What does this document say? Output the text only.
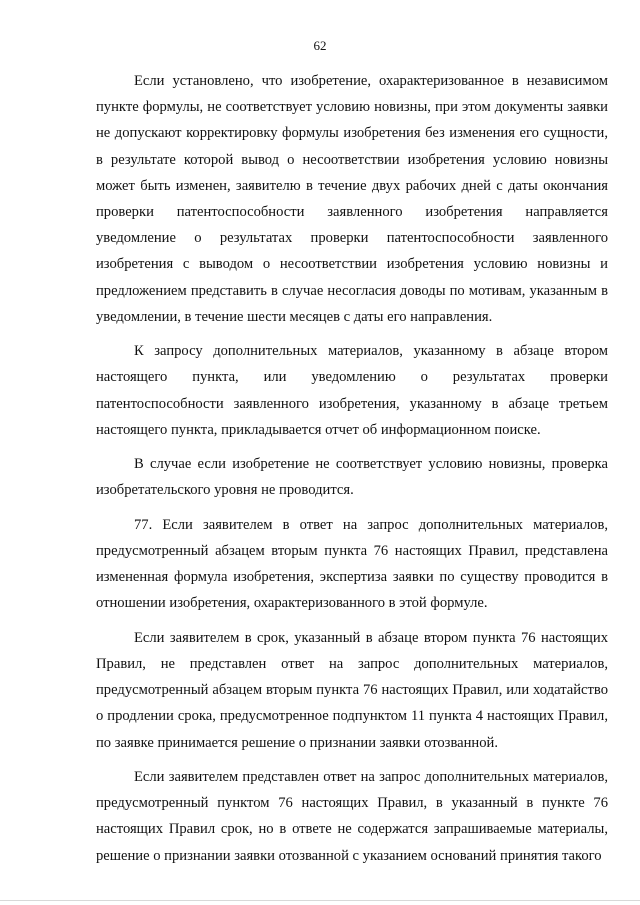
62

Если установлено, что изобретение, охарактеризованное в независимом пункте формулы, не соответствует условию новизны, при этом документы заявки не допускают корректировку формулы изобретения без изменения его сущности, в результате которой вывод о несоответствии изобретения условию новизны может быть изменен, заявителю в течение двух рабочих дней с даты окончания проверки патентоспособности заявленного изобретения направляется уведомление о результатах проверки патентоспособности заявленного изобретения с выводом о несоответствии изобретения условию новизны и предложением представить в случае несогласия доводы по мотивам, указанным в уведомлении, в течение шести месяцев с даты его направления.

К запросу дополнительных материалов, указанному в абзаце втором настоящего пункта, или уведомлению о результатах проверки патентоспособности заявленного изобретения, указанному в абзаце третьем настоящего пункта, прикладывается отчет об информационном поиске.

В случае если изобретение не соответствует условию новизны, проверка изобретательского уровня не проводится.

77. Если заявителем в ответ на запрос дополнительных материалов, предусмотренный абзацем вторым пункта 76 настоящих Правил, представлена измененная формула изобретения, экспертиза заявки по существу проводится в отношении изобретения, охарактеризованного в этой формуле.

Если заявителем в срок, указанный в абзаце втором пункта 76 настоящих Правил, не представлен ответ на запрос дополнительных материалов, предусмотренный абзацем вторым пункта 76 настоящих Правил, или ходатайство о продлении срока, предусмотренное подпунктом 11 пункта 4 настоящих Правил, по заявке принимается решение о признании заявки отозванной.

Если заявителем представлен ответ на запрос дополнительных материалов, предусмотренный пунктом 76 настоящих Правил, в указанный в пункте 76 настоящих Правил срок, но в ответе не содержатся запрашиваемые материалы, решение о признании заявки отозванной с указанием оснований принятия такого
